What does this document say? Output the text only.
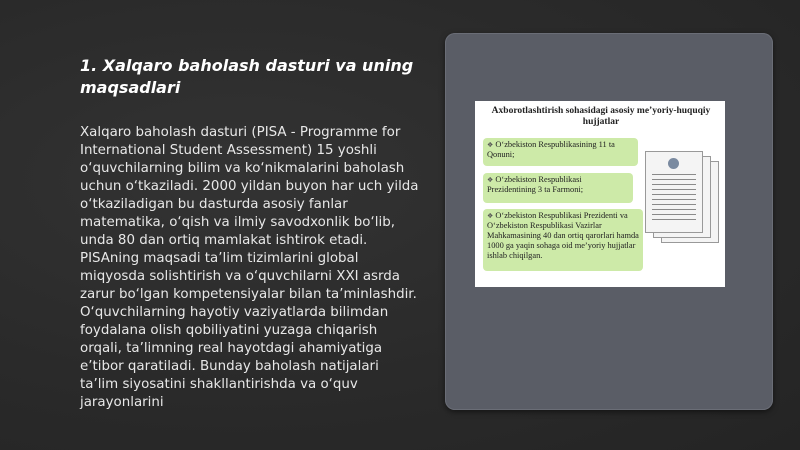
1. Xalqaro baholash dasturi va uning maqsadlari

Xalqaro baholash dasturi (PISA - Programme for International Student Assessment) 15 yoshli o‘quvchilarning bilim va ko‘nikmalarini baholash uchun o‘tkaziladi. 2000 yildan buyon har uch yilda o‘tkaziladigan bu dasturda asosiy fanlar matematika, o‘qish va ilmiy savodxonlik bo‘lib, unda 80 dan ortiq mamlakat ishtirok etadi. PISAning maqsadi ta’lim tizimlarini global miqyosda solishtirish va o‘quvchilarni XXI asrda zarur bo‘lgan kompetensiyalar bilan ta’minlashdir. O‘quvchilarning hayotiy vaziyatlarda bilimdan foydalana olish qobiliyatini yuzaga chiqarish orqali, ta’limning real hayotdagi ahamiyatiga e’tibor qaratiladi. Bunday baholash natijalari ta’lim siyosatini shakllantirishda va o‘quv jarayonlarini

Axborotlashtirish sohasidagi asosiy me’yoriy-huquqiy hujjatlar
❖ O‘zbekiston Respublikasining 11 ta Qonuni;
❖ O‘zbekiston Respublikasi Prezidentining 3 ta Farmoni;
❖ O‘zbekiston Respublikasi Prezidenti va O‘zbekiston Respublikasi Vazirlar Mahkamasining 40 dan ortiq qarorlari hamda 1000 ga yaqin sohaga oid me’yoriy hujjatlar ishlab chiqilgan.
